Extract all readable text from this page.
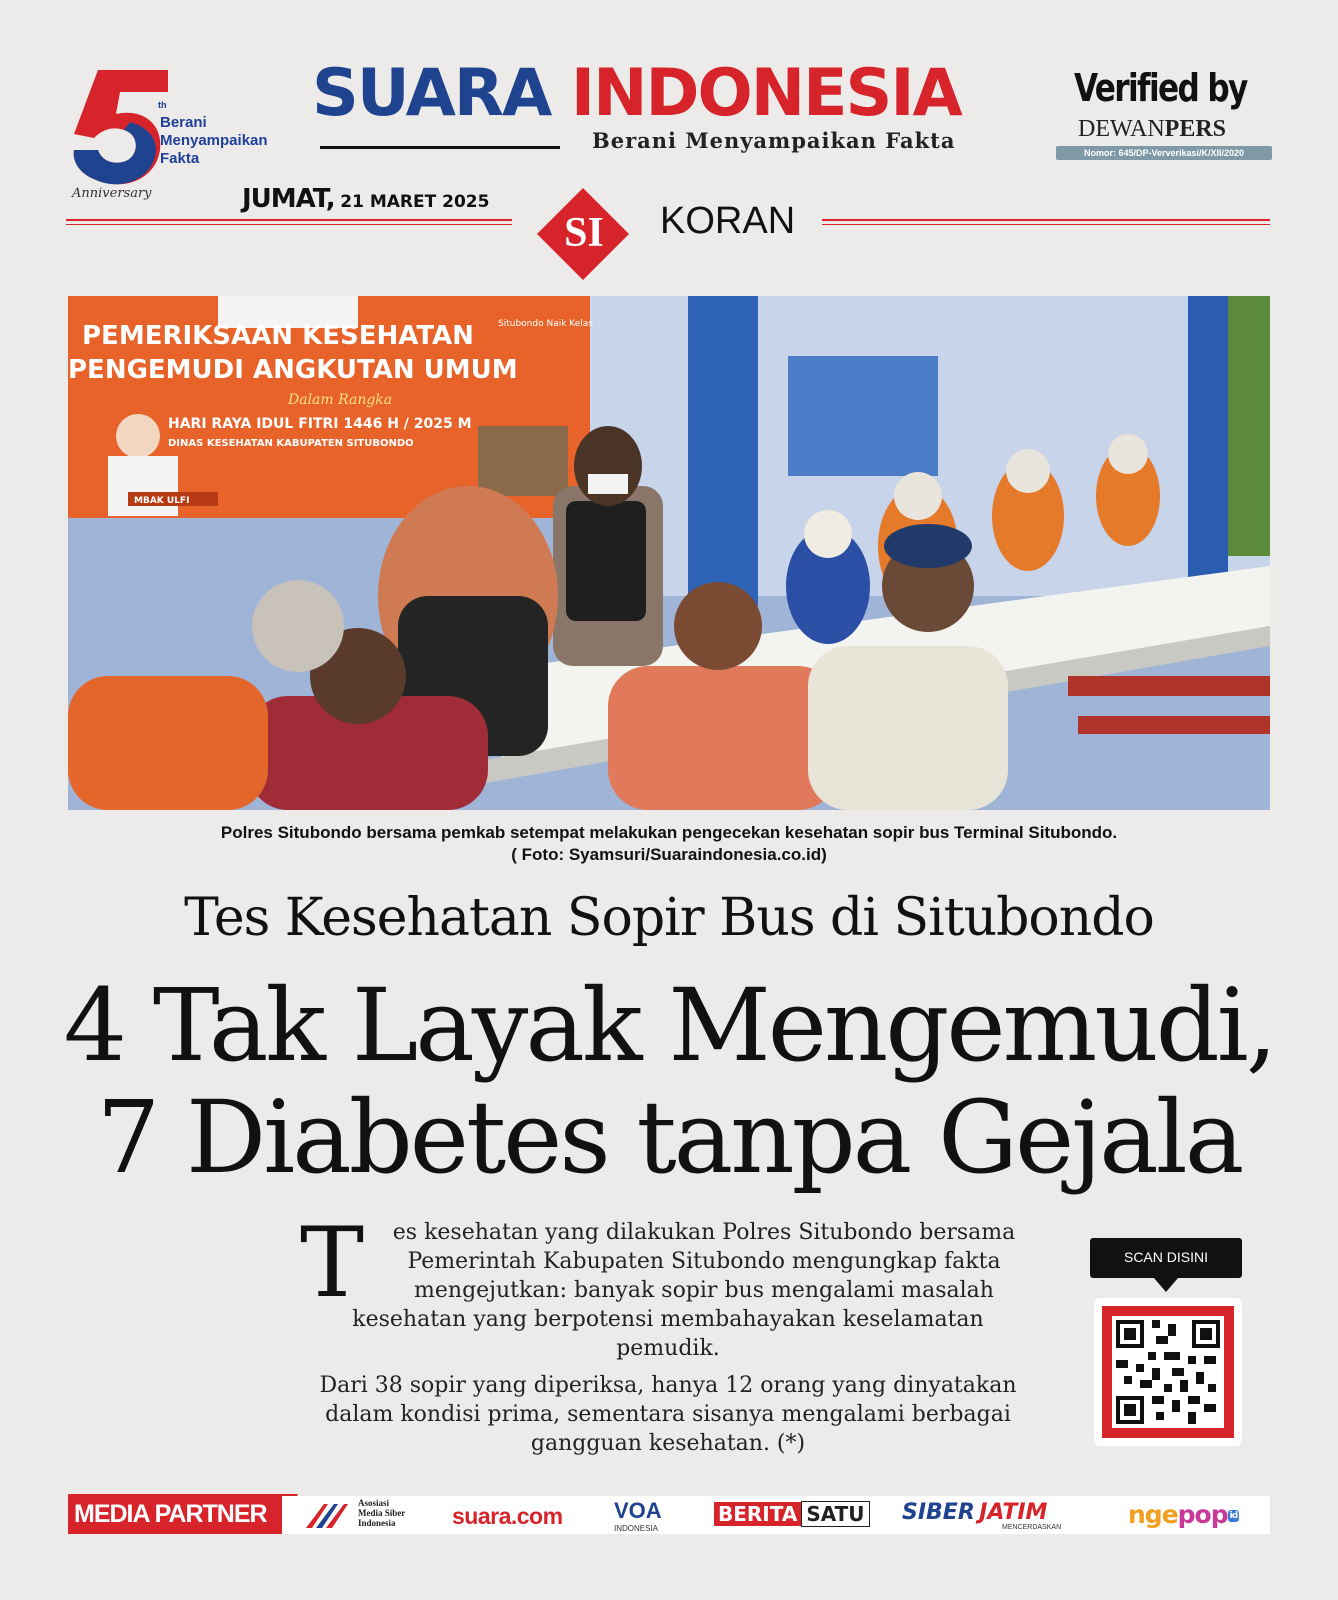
th
Berani
Menyampaikan
Fakta
Anniversary
SUARA INDONESIA
Berani Menyampaikan Fakta
Verified by
DEWANPERS
Nomor: 645/DP-Ververikasi/K/XII/2020
JUMAT, 21 MARET 2025
SI	KORAN
PEMERIKSAAN KESEHATAN
PENGEMUDI ANGKUTAN UMUM
Dalam Rangka
HARI RAYA IDUL FITRI 1446 H / 2025 M
DINAS KESEHATAN KABUPATEN SITUBONDO
Situbondo Naik Kelas
MBAK ULFI
Polres Situbondo bersama pemkab setempat melakukan pengecekan kesehatan sopir bus Terminal Situbondo.
( Foto: Syamsuri/Suaraindonesia.co.id)
Tes Kesehatan Sopir Bus di Situbondo
4 Tak Layak Mengemudi,
7 Diabetes tanpa Gejala

T es kesehatan yang dilakukan Polres Situbondo bersama Pemerintah Kabupaten Situbondo mengungkap fakta mengejutkan: banyak sopir bus mengalami masalah kesehatan yang berpotensi membahayakan keselamatan pemudik.

Dari 38 sopir yang diperiksa, hanya 12 orang yang dinyatakan dalam kondisi prima, sementara sisanya mengalami berbagai gangguan kesehatan. (*)

SCAN DISINI
MEDIA PARTNER	Asosiasi
Media Siber
Indonesia	suara.com VOA
INDONESIA
BERITA SATU SIBER JATIM
MENCERDASKAN	ngepop id
